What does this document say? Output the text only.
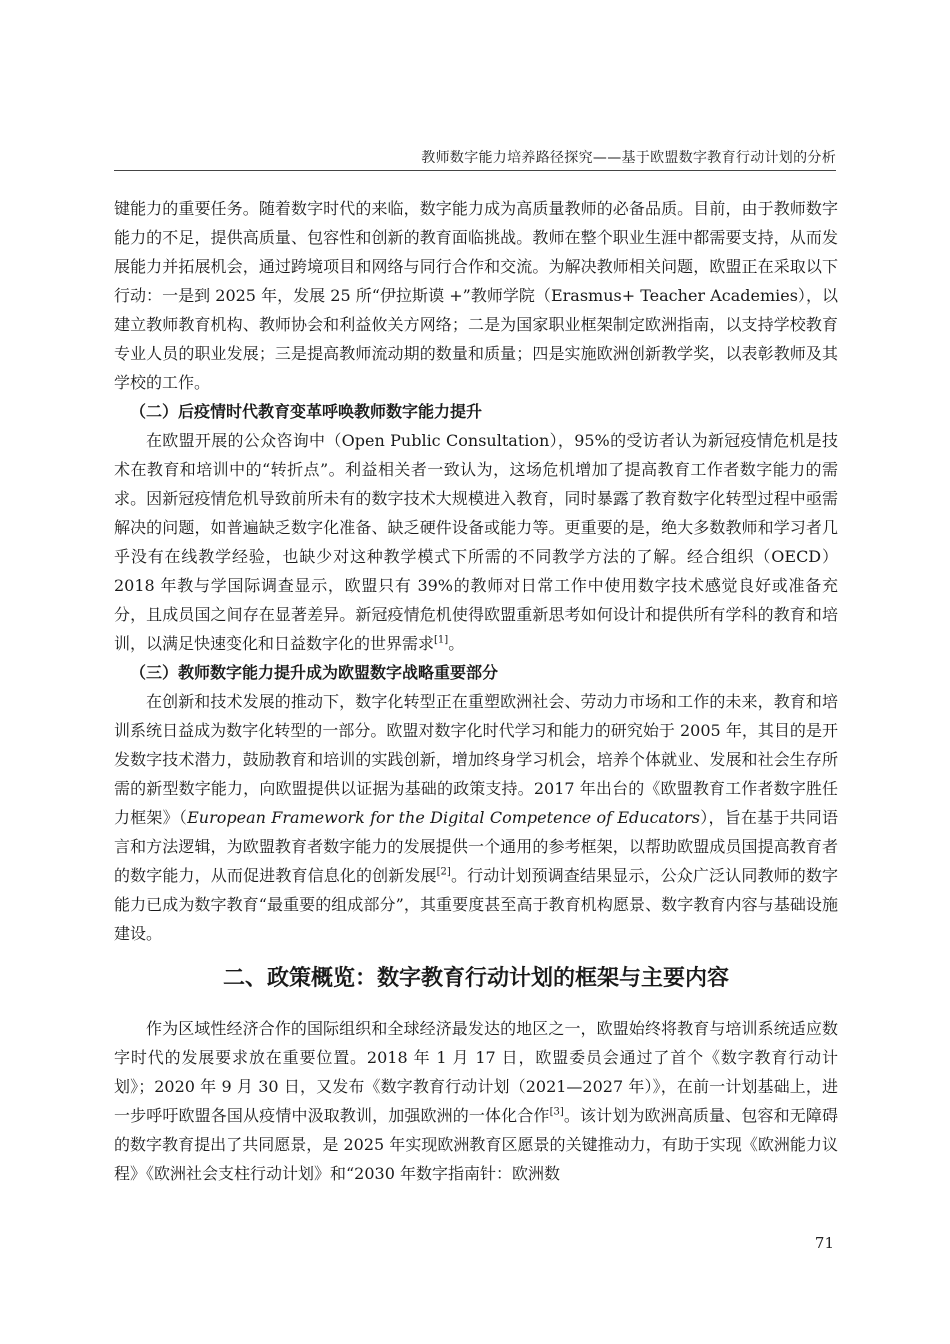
教师数字能力培养路径探究——基于欧盟数字教育行动计划的分析

键能力的重要任务。随着数字时代的来临，数字能力成为高质量教师的必备品质。目前，由于教师数字能力的不足，提供高质量、包容性和创新的教育面临挑战。教师在整个职业生涯中都需要支持，从而发展能力并拓展机会，通过跨境项目和网络与同行合作和交流。为解决教师相关问题，欧盟正在采取以下行动：一是到 2025 年，发展 25 所“伊拉斯谟 +”教师学院（Erasmus+ Teacher Academies），以建立教师教育机构、教师协会和利益攸关方网络；二是为国家职业框架制定欧洲指南，以支持学校教育专业人员的职业发展；三是提高教师流动期的数量和质量；四是实施欧洲创新教学奖，以表彰教师及其学校的工作。

（二）后疫情时代教育变革呼唤教师数字能力提升

在欧盟开展的公众咨询中（Open Public Consultation），95%的受访者认为新冠疫情危机是技术在教育和培训中的“转折点”。利益相关者一致认为，这场危机增加了提高教育工作者数字能力的需求。因新冠疫情危机导致前所未有的数字技术大规模进入教育，同时暴露了教育数字化转型过程中亟需解决的问题，如普遍缺乏数字化准备、缺乏硬件设备或能力等。更重要的是，绝大多数教师和学习者几乎没有在线教学经验，也缺少对这种教学模式下所需的不同教学方法的了解。经合组织（OECD）2018 年教与学国际调查显示，欧盟只有 39%的教师对日常工作中使用数字技术感觉良好或准备充分，且成员国之间存在显著差异。新冠疫情危机使得欧盟重新思考如何设计和提供所有学科的教育和培训，以满足快速变化和日益数字化的世界需求[1]。

（三）教师数字能力提升成为欧盟数字战略重要部分

在创新和技术发展的推动下，数字化转型正在重塑欧洲社会、劳动力市场和工作的未来，教育和培训系统日益成为数字化转型的一部分。欧盟对数字化时代学习和能力的研究始于 2005 年，其目的是开发数字技术潜力，鼓励教育和培训的实践创新，增加终身学习机会，培养个体就业、发展和社会生存所需的新型数字能力，向欧盟提供以证据为基础的政策支持。2017 年出台的《欧盟教育工作者数字胜任力框架》（European Framework for the Digital Competence of Educators），旨在基于共同语言和方法逻辑，为欧盟教育者数字能力的发展提供一个通用的参考框架，以帮助欧盟成员国提高教育者的数字能力，从而促进教育信息化的创新发展[2]。行动计划预调查结果显示，公众广泛认同教师的数字能力已成为数字教育“最重要的组成部分”，其重要度甚至高于教育机构愿景、数字教育内容与基础设施建设。

二、政策概览：数字教育行动计划的框架与主要内容

作为区域性经济合作的国际组织和全球经济最发达的地区之一，欧盟始终将教育与培训系统适应数字时代的发展要求放在重要位置。2018 年 1 月 17 日，欧盟委员会通过了首个《数字教育行动计划》；2020 年 9 月 30 日，又发布《数字教育行动计划（2021—2027 年）》，在前一计划基础上，进一步呼吁欧盟各国从疫情中汲取教训，加强欧洲的一体化合作[3]。该计划为欧洲高质量、包容和无障碍的数字教育提出了共同愿景，是 2025 年实现欧洲教育区愿景的关键推动力，有助于实现《欧洲能力议程》《欧洲社会支柱行动计划》和“2030 年数字指南针：欧洲数

71
